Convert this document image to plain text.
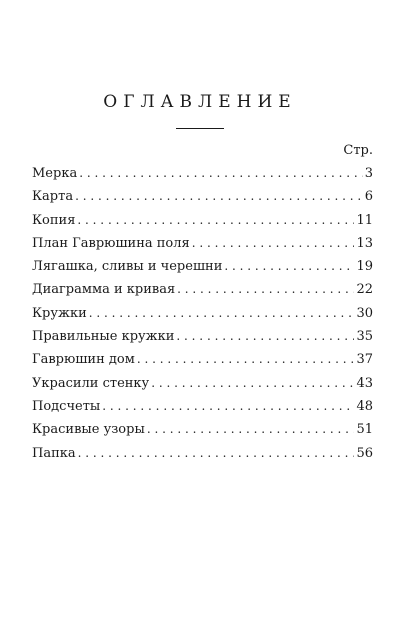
ОГЛАВЛЕНИЕ
Стр.
Мерка . . .	3
Карта . . .	6
Копия . . .	11
План Гаврюшина поля . . .	13
Лягашка, сливы и черешни . . .	19
Диаграмма и кривая . . .	22
Кружки . . .	30
Правильные кружки . . .	35
Гаврюшин дом . . .	37
Украсили стенку . . .	43
Подсчеты . . .	48
Красивые узоры . . .	51
Папка . . .	56
